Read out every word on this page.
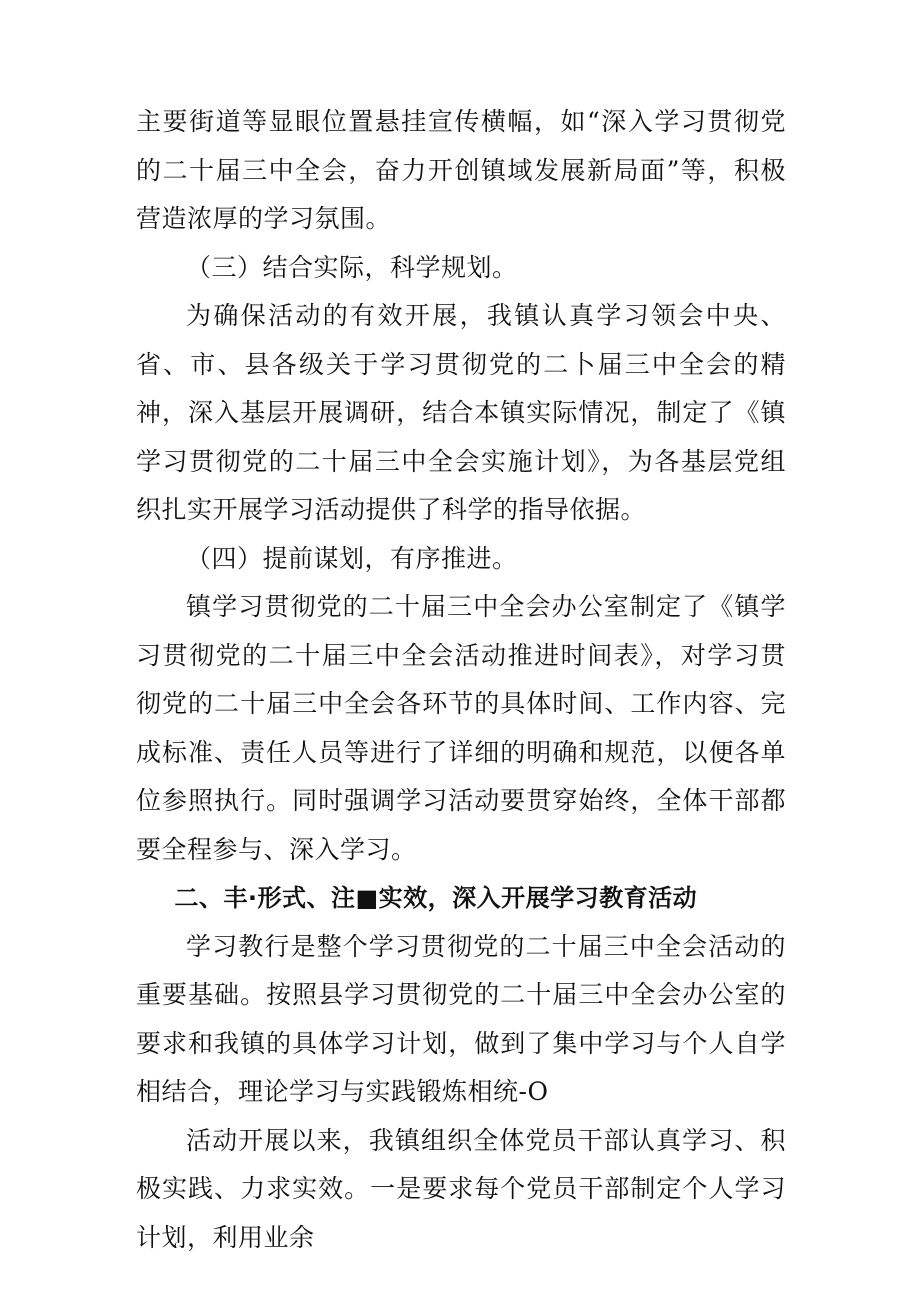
主要街道等显眼位置悬挂宣传横幅，如“深入学习贯彻党的二十届三中全会，奋力开创镇域发展新局面”等，积极营造浓厚的学习氛围。

（三）结合实际，科学规划。

为确保活动的有效开展，我镇认真学习领会中央、省、市、县各级关于学习贯彻党的二卜届三中全会的精神，深入基层开展调研，结合本镇实际情况，制定了《镇学习贯彻党的二十届三中全会实施计划》，为各基层党组织扎实开展学习活动提供了科学的指导依据。

（四）提前谋划，有序推进。

镇学习贯彻党的二十届三中全会办公室制定了《镇学习贯彻党的二十届三中全会活动推进时间表》，对学习贯彻党的二十届三中全会各环节的具体时间、工作内容、完成标准、责任人员等进行了详细的明确和规范，以便各单位参照执行。同时强调学习活动要贯穿始终，全体干部都要全程参与、深入学习。

二、丰·形式、注■实效，深入开展学习教育活动

学习教行是整个学习贯彻党的二十届三中全会活动的重要基础。按照县学习贯彻党的二十届三中全会办公室的要求和我镇的具体学习计划，做到了集中学习与个人自学相结合，理论学习与实践锻炼相统-O

活动开展以来，我镇组织全体党员干部认真学习、积极实践、力求实效。一是要求每个党员干部制定个人学习计划，利用业余
